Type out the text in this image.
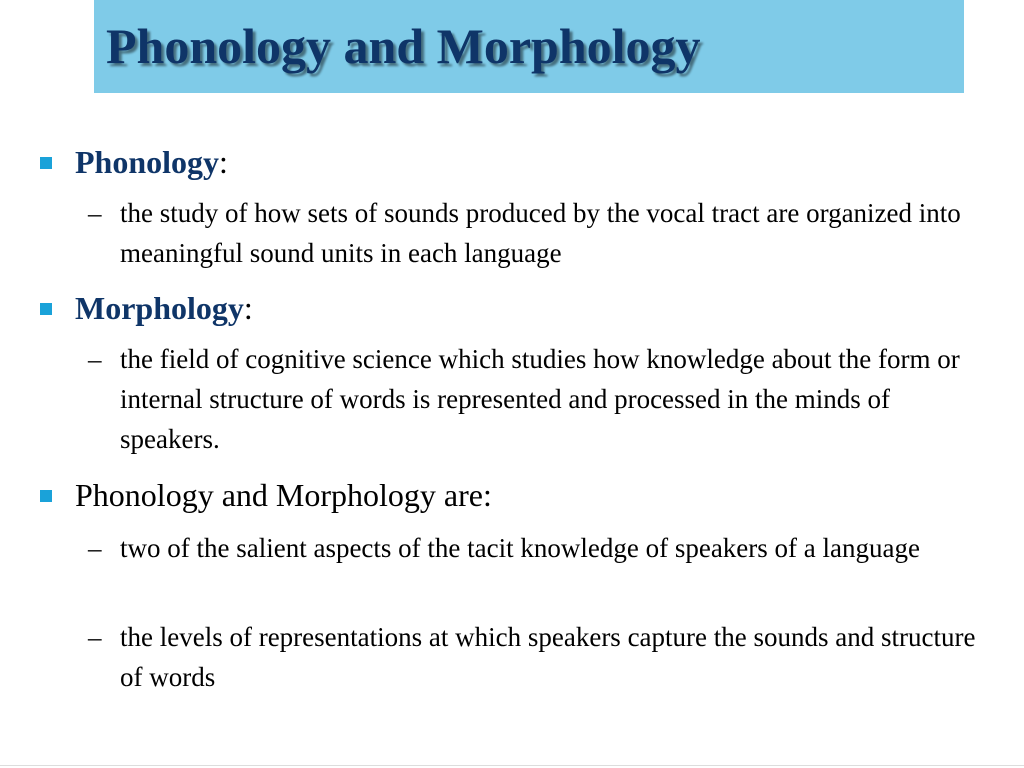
Phonology and Morphology
Phonology:
– the study of how sets of sounds produced by the vocal tract are organized into meaningful sound units in each language
Morphology:
– the field of cognitive science which studies how knowledge about the form or internal structure of words is represented and processed in the minds of speakers.
Phonology and Morphology are:
– two of the salient aspects of the tacit knowledge of speakers of a language
– the levels of representations at which speakers capture the sounds and structure of words
